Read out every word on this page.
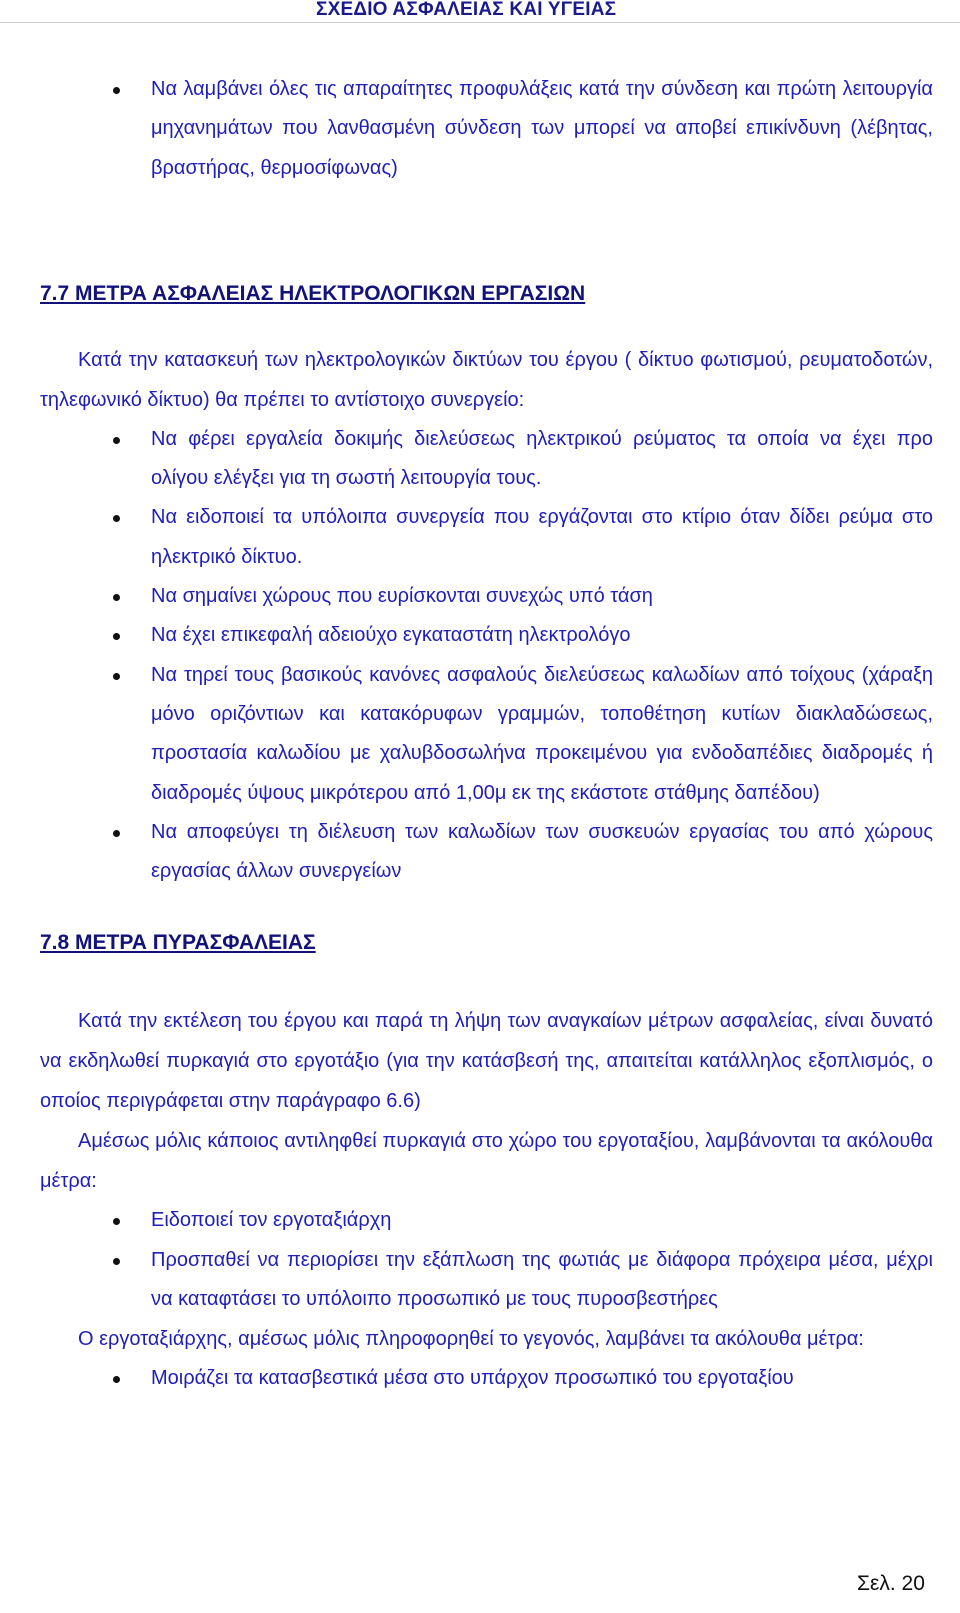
ΣΧΕΔΙΟ ΑΣΦΑΛΕΙΑΣ ΚΑΙ ΥΓΕΙΑΣ
Να λαμβάνει όλες τις απαραίτητες προφυλάξεις κατά την σύνδεση και πρώτη λειτουργία μηχανημάτων που λανθασμένη σύνδεση των μπορεί να αποβεί επικίνδυνη (λέβητας, βραστήρας, θερμοσίφωνας)
7.7 ΜΕΤΡΑ ΑΣΦΑΛΕΙΑΣ ΗΛΕΚΤΡΟΛΟΓΙΚΩΝ ΕΡΓΑΣΙΩΝ

Κατά την κατασκευή των ηλεκτρολογικών δικτύων του έργου ( δίκτυο φωτισμού, ρευματοδοτών, τηλεφωνικό δίκτυο) θα πρέπει το αντίστοιχο συνεργείο:

Να φέρει εργαλεία δοκιμής διελεύσεως ηλεκτρικού ρεύματος τα οποία να έχει προ ολίγου ελέγξει για τη σωστή λειτουργία τους.
Να ειδοποιεί τα υπόλοιπα συνεργεία που εργάζονται στο κτίριο όταν δίδει ρεύμα στο ηλεκτρικό δίκτυο.
Να σημαίνει χώρους που ευρίσκονται συνεχώς υπό τάση
Να έχει επικεφαλή αδειούχο εγκαταστάτη ηλεκτρολόγο
Να τηρεί τους βασικούς κανόνες ασφαλούς διελεύσεως καλωδίων από τοίχους (χάραξη μόνο οριζόντιων και κατακόρυφων γραμμών, τοποθέτηση κυτίων διακλαδώσεως, προστασία καλωδίου με χαλυβδοσωλήνα προκειμένου για ενδοδαπέδιες διαδρομές ή διαδρομές ύψους μικρότερου από 1,00μ εκ της εκάστοτε στάθμης δαπέδου)
Να αποφεύγει τη διέλευση των καλωδίων των συσκευών εργασίας του από χώρους εργασίας άλλων συνεργείων
7.8 ΜΕΤΡΑ ΠΥΡΑΣΦΑΛΕΙΑΣ

Κατά την εκτέλεση του έργου και παρά τη λήψη των αναγκαίων μέτρων ασφαλείας, είναι δυνατό να εκδηλωθεί πυρκαγιά στο εργοτάξιο (για την κατάσβεσή της, απαιτείται κατάλληλος εξοπλισμός, ο οποίος περιγράφεται στην παράγραφο 6.6)

Αμέσως μόλις κάποιος αντιληφθεί πυρκαγιά στο χώρο του εργοταξίου, λαμβάνονται τα ακόλουθα μέτρα:

Ειδοποιεί τον εργοταξιάρχη
Προσπαθεί να περιορίσει την εξάπλωση της φωτιάς με διάφορα πρόχειρα μέσα, μέχρι να καταφτάσει το υπόλοιπο προσωπικό με τους πυροσβεστήρες

Ο εργοταξιάρχης, αμέσως μόλις πληροφορηθεί το γεγονός, λαμβάνει τα ακόλουθα μέτρα:

Μοιράζει τα κατασβεστικά μέσα στο υπάρχον προσωπικό του εργοταξίου
Σελ. 20
